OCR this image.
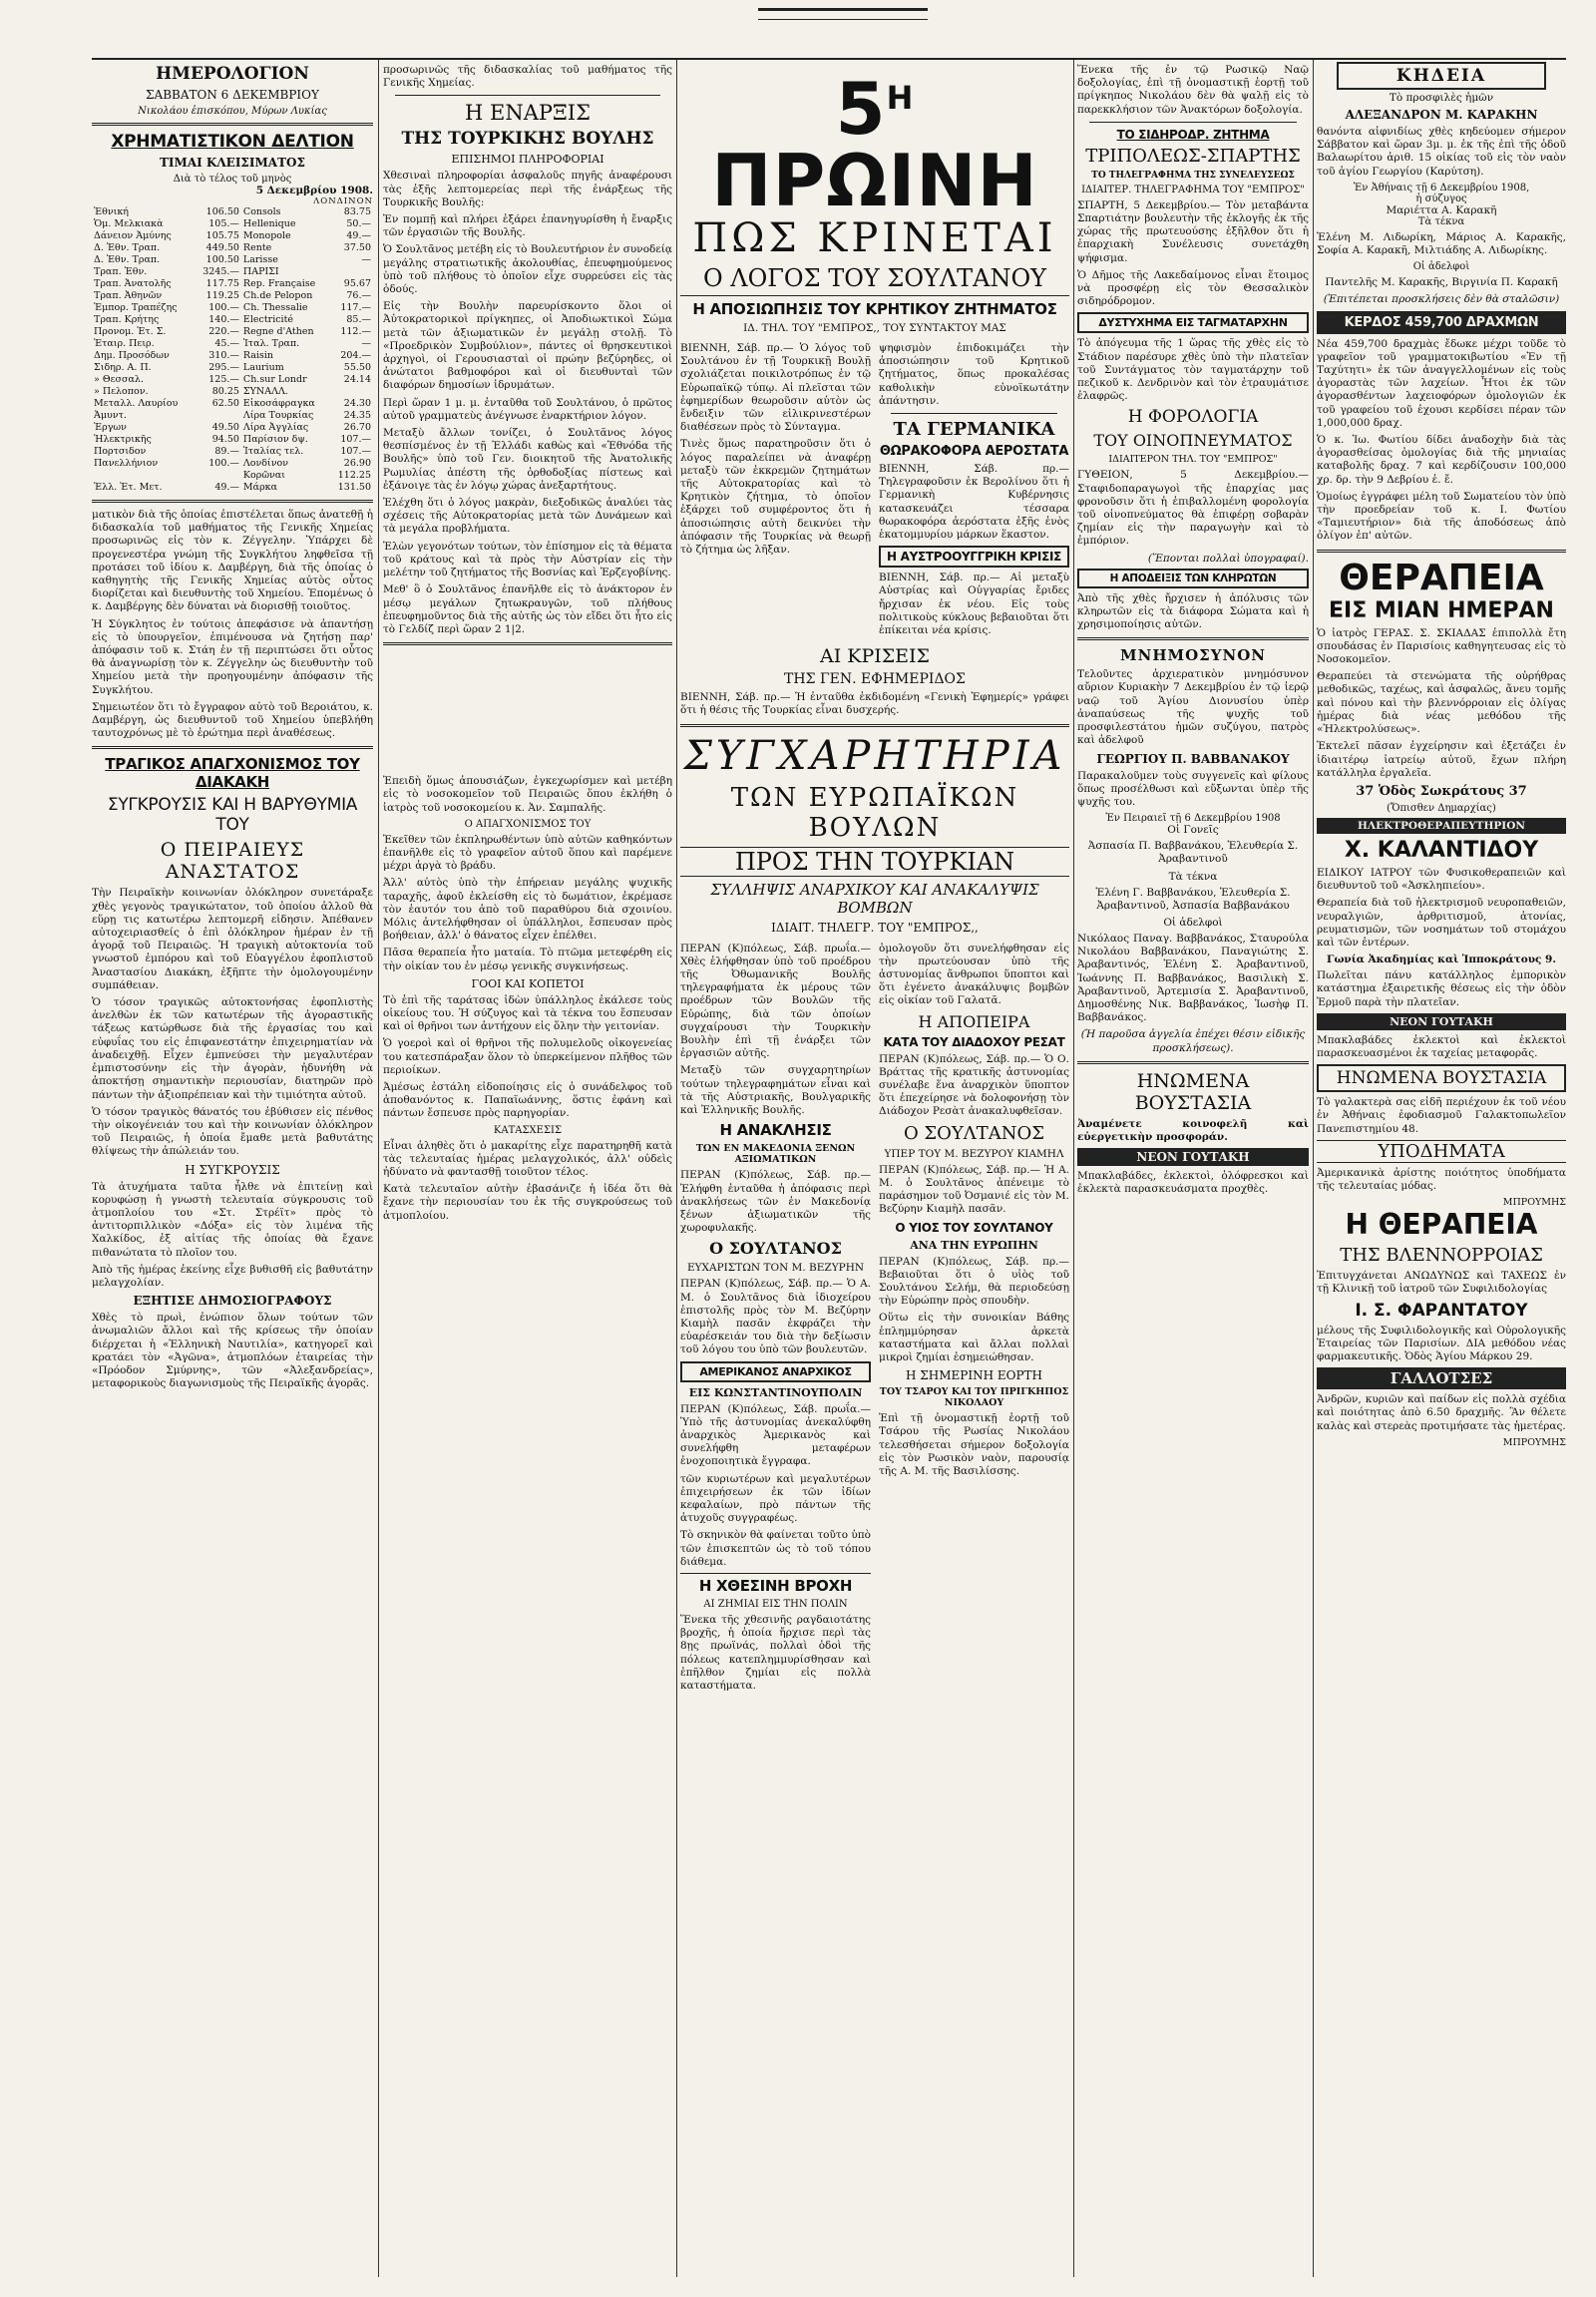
ΗΜΕΡΟΛΟΓΙΟΝ
ΣΑΒΒΑΤΟΝ 6 ΔΕΚΕΜΒΡΙΟΥ
Νικολάου ἐπισκόπου, Μύρων Λυκίας
ΧΡΗΜΑΤΙΣΤΙΚΟΝ ΔΕΛΤΙΟΝ
ΤΙΜΑΙ ΚΛΕΙΣΙΜΑΤΟΣ
Διὰ τὸ τέλος τοῦ μηνὸς
5 Δεκεμβρίου 1908.
ΛΟΝΔΙΝΟΝ
Ἐθνική	106.50	Consols	83.75
Ὁμ. Μελκιακὰ	105.—	Hellenique	50.—
Δάνειον Ἀμύνης	105.75	Monopole	49.—
Δ. Ἐθν. Τραπ.	449.50	Rente	37.50
Δ. Ἐθν. Τραπ.	100.50	Larisse	—
Τραπ. Ἐθν.	3245.—	ΠΑΡΙΣΙ	
Τραπ. Ἀνατολῆς	117.75	Rep. Française	95.67
Τραπ. Ἀθηνῶν	119.25	Ch.de Pelopon	76.—
Ἐμπορ. Τραπέζης	100.—	Ch. Thessalie	117.—
Τραπ. Κρήτης	140.—	Electricité	85.—
Προνομ. Ἐτ. Σ.	220.—	Regne d'Athen	112.—
Ἐταιρ. Πειρ.	45.—	Ἰταλ. Τραπ.	—
Δημ. Προσόδων	310.—	Raisin	204.—
Σιδηρ. Α. Π.	295.—	Laurium	55.50
» Θεσσαλ.	125.—	Ch.sur Londr	24.14
» Πελοπον.	80.25	ΣΥΝΑΛΛ.	
Μεταλλ. Λαυρίου	62.50	Εἰκοσάφραγκα	24.30
Ἀμυντ.		Λίρα Τουρκίας	24.35
Ἐργων	49.50	Λίρα Ἀγγλίας	26.70
Ἠλεκτρικῆς	94.50	Παρίσιον δψ.	107.—
Πορτσιδον	89.—	Ἰταλίας τελ.	107.—
Πανελλήνιον	100.—	Λονδίνον	26.90
		Κορῶναι	112.25
Ἐλλ. Ἐτ. Μετ.	49.—	Μάρκα	131.50

ματικὸν διὰ τῆς ὁποίας ἐπιστέλεται ὅπως ἀνατεθῇ ἡ διδασκαλία τοῦ μαθήματος τῆς Γενικῆς Χημείας προσωρινῶς εἰς τὸν κ. Ζέγγελην. Ὑπάρχει δὲ προγενεστέρα γνώμη τῆς Συγκλήτου ληφθεῖσα τῇ προτάσει τοῦ ἰδίου κ. Δαμβέργη, διὰ τῆς ὁποίας ὁ καθηγητὴς τῆς Γενικῆς Χημείας αὐτὸς οὗτος διορίζεται καὶ διευθυντὴς τοῦ Χημείου. Ἐπομένως ὁ κ. Δαμβέργης δὲν δύναται νὰ διορισθῇ τοιοῦτος.

Ἡ Σύγκλητος ἐν τούτοις ἀπεφάσισε νὰ ἀπαντήσῃ εἰς τὸ ὑπουργεῖον, ἐπιμένουσα νὰ ζητήσῃ παρ' ἀπόφασιν τοῦ κ. Στάη ἐν τῇ περιπτώσει ὅτι οὗτος θὰ ἀναγνωρίσῃ τὸν κ. Ζέγγελην ὡς διευθυντὴν τοῦ Χημείου μετὰ τὴν προηγουμένην ἀπόφασιν τῆς Συγκλήτου.

Σημειωτέον ὅτι τὸ ἔγγραφον αὐτὸ τοῦ Βεροιάτου, κ. Δαμβέργη, ὡς διευθυντοῦ τοῦ Χημείου ὑπεβλήθη ταυτοχρόνως μὲ τὸ ἐρώτημα περὶ ἀναθέσεως.

ΤΡΑΓΙΚΟΣ ΑΠΑΓΧΟΝΙΣΜΟΣ ΤΟΥ ΔΙΑΚΑΚΗ
ΣΥΓΚΡΟΥΣΙΣ ΚΑΙ Η ΒΑΡΥΘΥΜΙΑ ΤΟΥ
Ο ΠΕΙΡΑΙΕΥΣ ΑΝΑΣΤΑΤΟΣ

Τὴν Πειραϊκὴν κοινωνίαν ὁλόκληρον συνετάραξε χθὲς γεγονὸς τραγικώτατον, τοῦ ὁποίου ἀλλοῦ θὰ εὕρῃ τις κατωτέρω λεπτομερῆ εἰδησιν. Ἀπέθανεν αὐτοχειριασθείς ὁ ἐπὶ ὁλόκληρον ἡμέραν ἐν τῇ ἀγορᾷ τοῦ Πειραιῶς. Ἡ τραγικὴ αὐτοκτονία τοῦ γνωστοῦ ἐμπόρου καὶ τοῦ Εὐαγγέλου ἐφοπλιστοῦ Ἀναστασίου Διακάκη, ἐξῆπτε τὴν ὁμολογουμένην συμπάθειαν.

Ὁ τόσον τραγικῶς αὐτοκτονήσας ἐφοπλιστὴς ἀνελθὼν ἐκ τῶν κατωτέρων τῆς ἀγοραστικῆς τάξεως κατώρθωσε διὰ τῆς ἐργασίας του καὶ εὐφυΐας του εἰς ἐπιφανεστάτην ἐπιχειρηματίαν νὰ ἀναδειχθῇ. Εἶχεν ἐμπνεύσει τὴν μεγαλυτέραν ἐμπιστοσύνην εἰς τὴν ἀγορὰν, ἠδυνήθη νὰ ἀποκτήσῃ σημαντικὴν περιουσίαν, διατηρῶν πρὸ πάντων τὴν ἀξιοπρέπειαν καὶ τὴν τιμιότητα αὐτοῦ.

Ὁ τόσον τραγικὸς θάνατός του ἐβύθισεν εἰς πένθος τὴν οἰκογένειάν του καὶ τὴν κοινωνίαν ὁλόκληρον τοῦ Πειραιῶς, ἡ ὁποία ἔμαθε μετὰ βαθυτάτης θλίψεως τὴν ἀπώλειάν του.

Η ΣΥΓΚΡΟΥΣΙΣ

Τὰ ἀτυχήματα ταῦτα ἦλθε νὰ ἐπιτείνῃ καὶ κορυφώσῃ ἡ γνωστὴ τελευταία σύγκρουσις τοῦ ἀτμοπλοίου του «Στ. Στρέϊτ» πρὸς τὸ ἀντιτορπιλλικὸν «Δόξα» εἰς τὸν λιμένα τῆς Χαλκίδος, ἐξ αἰτίας τῆς ὁποίας θὰ ἔχανε πιθανώτατα τὸ πλοῖον του.

Ἀπὸ τῆς ἡμέρας ἐκείνης εἶχε βυθισθῆ εἰς βαθυτάτην μελαγχολίαν.

ΕΞΗΤΙΣΕ ΔΗΜΟΣΙΟΓΡΑΦΟΥΣ

Χθὲς τὸ πρωὶ, ἐνώπιον ὅλων τούτων τῶν ἀνωμαλιῶν ἄλλοι καὶ τῆς κρίσεως τῆν ὁποίαν διέρχεται ἡ «Ἑλληνικὴ Ναυτιλία», κατηγορεῖ καὶ κρατάει τὸν «Ἀγῶνα», ἀτμοπλόων ἐταιρείας τὴν «Πρόοδον Σμύρνης», τῶν «Ἀλεξανδρείας», μεταφορικοὺς διαγωνισμοὺς τῆς Πειραϊκῆς ἀγορᾶς.

προσωρινῶς τῆς διδασκαλίας τοῦ μαθήματος τῆς Γενικῆς Χημείας.

Η ΕΝΑΡΞΙΣ
ΤΗΣ ΤΟΥΡΚΙΚΗΣ ΒΟΥΛΗΣ
ΕΠΙΣΗΜΟΙ ΠΛΗΡΟΦΟΡΙΑΙ

Χθεσιναὶ πληροφορίαι ἀσφαλοῦς πηγῆς ἀναφέρουσι τὰς ἑξῆς λεπτομερείας περὶ τῆς ἐνάρξεως τῆς Τουρκικῆς Βουλῆς:

Ἐν πομπῇ καὶ πλήρει ἐξάρει ἐπανηγυρίσθη ἡ ἔναρξις τῶν ἐργασιῶν τῆς Βουλῆς.

Ὁ Σουλτᾶνος μετέβη εἰς τὸ Βουλευτήριον ἐν συνοδείᾳ μεγάλης στρατιωτικῆς ἀκολουθίας, ἐπευφημούμενος ὑπὸ τοῦ πλήθους τὸ ὁποῖον εἶχε συρρεύσει εἰς τὰς ὁδούς.

Εἰς τὴν Βουλὴν παρευρίσκοντο ὅλοι οἱ Ἀὐτοκρατορικοὶ πρίγκηπες, οἱ Ἀποδιωκτικοὶ Σώμα μετὰ τῶν ἀξιωματικῶν ἐν μεγάλῃ στολῇ. Τὸ «Προεδρικὸν Συμβούλιον», πάντες οἱ θρησκευτικοὶ ἀρχηγοὶ, οἱ Γερουσιασταὶ οἱ πρώην βεζύρηδες, οἱ ἀνώτατοι βαθμοφόροι καὶ οἱ διευθυνταὶ τῶν διαφόρων δημοσίων ἱδρυμάτων.

Περὶ ὥραν 1 μ. μ. ἐνταῦθα τοῦ Σουλτάνου, ὁ πρῶτος αὐτοῦ γραμματεὺς ἀνέγνωσε ἐναρκτήριον λόγον.

Μεταξὺ ἄλλων τονίζει, ὁ Σουλτᾶνος λόγος θεσπίσμένος ἐν τῇ Ἐλλάδι καθὼς καὶ «Ἐθνόδα τῆς Βουλῆς» ὑπὸ τοῦ Γεν. διοικητοῦ τῆς Ἀνατολικῆς Ρωμυλίας ἀπέστη τῆς ὀρθοδοξίας πίστεως καὶ ἐξάνοιγε τὰς ἐν λόγῳ χώρας ἀνεξαρτήτους.

Ἐλέχθη ὅτι ὁ λόγος μακρὰν, διεξοδικῶς ἀναλύει τὰς σχέσεις τῆς Αὐτοκρατορίας μετὰ τῶν Δυνάμεων καὶ τὰ μεγάλα προβλήματα.

Ἐλὼν γεγονότων τούτων, τὸν ἐπίσημον εἰς τὰ θέματα τοῦ κράτους καὶ τὰ πρὸς τὴν Αὐστρίαν εἰς τὴν μελέτην τοῦ ζητήματος τῆς Βοσνίας καὶ Ἐρζεγοβίνης.

Μεθ' ὃ ὁ Σουλτᾶνος ἐπανῆλθε εἰς τὸ ἀνάκτορον ἐν μέσῳ μεγάλων ζητωκραυγῶν, τοῦ πλήθους ἐπευφημοῦντος διὰ τῆς αὐτῆς ὡς τὸν εἴδει ὅτι ἦτο εἰς τὸ Γελδίζ περὶ ὥραν 2 1|2.

Ἐπειδὴ ὅμως ἀπουσιάζων, ἐγκεχωρίσμεν καὶ μετέβη εἰς τὸ νοσοκομεῖον τοῦ Πειραιῶς ὅπου ἐκλήθη ὁ ἰατρὸς τοῦ νοσοκομείου κ. Ἀν. Σαμπαλῆς.

Ο ΑΠΑΓΧΟΝΙΣΜΟΣ ΤΟΥ

Ἐκεῖθεν τῶν ἐκπληρωθέντων ὑπὸ αὐτῶν καθηκόντων ἐπανῆλθε εἰς τὸ γραφεῖον αὐτοῦ ὅπου καὶ παρέμενε μέχρι ἀργὰ τὸ βράδυ.

Ἀλλ' αὐτὸς ὑπὸ τὴν ἐπήρειαν μεγάλης ψυχικῆς ταραχῆς, ἀφοῦ ἐκλείσθη εἰς τὸ δωμάτιον, ἐκρέμασε τὸν ἑαυτόν του ἀπὸ τοῦ παραθύρου διὰ σχοινίου. Μόλις ἀντελήφθησαν οἱ ὑπάλληλοι, ἔσπευσαν πρὸς βοήθειαν, ἀλλ' ὁ θάνατος εἶχεν ἐπέλθει.

Πᾶσα θεραπεία ἦτο ματαία. Τὸ πτῶμα μετεφέρθη εἰς τὴν οἰκίαν του ἐν μέσῳ γενικῆς συγκινήσεως.

ΓΟΟΙ ΚΑΙ ΚΟΠΕΤΟΙ

Τὸ ἐπὶ τῆς ταράτσας ἰδὼν ὑπάλληλος ἐκάλεσε τοὺς οἰκείους του. Ἡ σύζυγος καὶ τὰ τέκνα του ἔσπευσαν καὶ οἱ θρῆνοι των ἀντήχουν εἰς ὅλην τὴν γειτονίαν.

Ὁ γοεροὶ καὶ οἱ θρῆνοι τῆς πολυμελοῦς οἰκογενείας του κατεσπάραξαν ὅλον τὸ ὑπερκείμενον πλῆθος τῶν περιοίκων.

Ἀμέσως ἐστάλη εἰδοποίησις εἰς ὁ συνάδελφος τοῦ ἀποθανόντος κ. Παπαϊωάννης, ὅστις ἐφάνη καὶ πάντων ἔσπευσε πρὸς παρηγορίαν.

ΚΑΤΑΣΧΕΣΙΣ

Εἶναι ἀληθὲς ὅτι ὁ μακαρίτης εἶχε παρατηρηθῆ κατὰ τὰς τελευταίας ἡμέρας μελαγχολικός, ἀλλ' οὐδεὶς ἠδύνατο νὰ φαντασθῇ τοιοῦτον τέλος.

Κατὰ τελευταῖον αὐτὴν ἐβασάνιζε ἡ ἰδέα ὅτι θὰ ἔχανε τὴν περιουσίαν του ἐκ τῆς συγκρούσεως τοῦ ἀτμοπλοίου.

$5^H$ ΠΡΩΙΝΗ
ΠΩΣ ΚΡΙΝΕΤΑΙ
Ο ΛΟΓΟΣ ΤΟΥ ΣΟΥΛΤΑΝΟΥ
Η ΑΠΟΣΙΩΠΗΣΙΣ ΤΟΥ ΚΡΗΤΙΚΟΥ ΖΗΤΗΜΑΤΟΣ
ΙΔ. ΤΗΛ. ΤΟΥ "ΕΜΠΡΟΣ,, ΤΟΥ ΣΥΝΤΑΚΤΟΥ ΜΑΣ

ΒΙΕΝΝΗ, Σάβ. πρ.— Ὁ λόγος τοῦ Σουλτάνου ἐν τῇ Τουρκικῇ Βουλῇ σχολιάζεται ποικιλοτρόπως ἐν τῷ Εὐρωπαϊκῷ τύπῳ. Αἱ πλεῖσται τῶν ἐφημερίδων θεωροῦσιν αὐτὸν ὡς ἔνδειξιν τῶν εἰλικρινεστέρων διαθέσεων πρὸς τὸ Σύνταγμα.

Τινὲς ὅμως παρατηροῦσιν ὅτι ὁ λόγος παραλείπει νὰ ἀναφέρῃ μεταξὺ τῶν ἐκκρεμῶν ζητημάτων τῆς Αὐτοκρατορίας καὶ τὸ Κρητικὸν ζήτημα, τὸ ὁποῖον ἐξάρχει τοῦ συμφέροντος ὅτι ἡ ἀποσιώπησις αὐτὴ δεικνύει τὴν ἀπόφασιν τῆς Τουρκίας νὰ θεωρῇ τὸ ζήτημα ὡς λῆξαν.

ψηφισμὸν ἐπιδοκιμάζει τὴν ἀποσιώπησιν τοῦ Κρητικοῦ ζητήματος, ὅπως προκαλέσας καθολικὴν εὐνοϊκωτάτην ἀπάντησιν.

ΤΑ ΓΕΡΜΑΝΙΚΑ
ΘΩΡΑΚΟΦΟΡΑ ΑΕΡΟΣΤΑΤΑ

ΒΙΕΝΝΗ, Σάβ. πρ.— Τηλεγραφοῦσιν ἐκ Βερολίνου ὅτι ἡ Γερμανικὴ Κυβέρνησις κατασκευάζει τέσσαρα θωρακοφόρα ἀερόστατα ἑξῆς ἑνὸς ἑκατομμυρίου μάρκων ἕκαστον.

Η ΑΥΣΤΡΟΟΥΓΓΡΙΚΗ ΚΡΙΣΙΣ

ΒΙΕΝΝΗ, Σάβ. πρ.— Αἱ μεταξὺ Αὐστρίας καὶ Οὐγγαρίας ἔριδες ἤρχισαν ἐκ νέου. Εἰς τοὺς πολιτικοὺς κύκλους βεβαιοῦται ὅτι ἐπίκειται νέα κρίσις.

ΑΙ ΚΡΙΣΕΙΣ
ΤΗΣ ΓΕΝ. ΕΦΗΜΕΡΙΔΟΣ

ΒΙΕΝΝΗ, Σάβ. πρ.— Ἡ ἐνταῦθα ἐκδιδομένη «Γενικὴ Ἐφημερίς» γράφει ὅτι ἡ θέσις τῆς Τουρκίας εἶναι δυσχερής.

ΣΥΓΧΑΡΗΤΗΡΙΑ
ΤΩΝ ΕΥΡΩΠΑΪΚΩΝ ΒΟΥΛΩΝ
ΠΡΟΣ ΤΗΝ ΤΟΥΡΚΙΑΝ
ΣΥΛΛΗΨΙΣ ΑΝΑΡΧΙΚΟΥ ΚΑΙ ΑΝΑΚΑΛΥΨΙΣ ΒΟΜΒΩΝ
ΙΔΙΑΙΤ. ΤΗΛΕΓΡ. ΤΟΥ "ΕΜΠΡΟΣ,,

ΠΕΡΑΝ (Κ)πόλεως, Σάβ. πρωΐα.— Χθὲς ἐλήφθησαν ὑπὸ τοῦ προέδρου τῆς Ὀθωμανικῆς Βουλῆς τηλεγραφήματα ἐκ μέρους τῶν προέδρων τῶν Βουλῶν τῆς Εὐρώπης, διὰ τῶν ὁποίων συγχαίρουσι τὴν Τουρκικὴν Βουλὴν ἐπὶ τῇ ἐνάρξει τῶν ἐργασιῶν αὐτῆς.

Μεταξὺ τῶν συγχαρητηρίων τούτων τηλεγραφημάτων εἶναι καὶ τὰ τῆς Αὐστριακῆς, Βουλγαρικῆς καὶ Ἑλληνικῆς Βουλῆς.

Η ΑΝΑΚΛΗΣΙΣ
ΤΩΝ ΕΝ ΜΑΚΕΔΟΝΙΑ ΞΕΝΩΝ ΑΞΙΩΜΑΤΙΚΩΝ

ΠΕΡΑΝ (Κ)πόλεως, Σάβ. πρ.— Ἐλήφθη ἐνταῦθα ἡ ἀπόφασις περὶ ἀνακλήσεως τῶν ἐν Μακεδονίᾳ ξένων ἀξιωματικῶν τῆς χωροφυλακῆς.

Ο ΣΟΥΛΤΑΝΟΣ
ΕΥΧΑΡΙΣΤΩΝ ΤΟΝ Μ. ΒΕΖΥΡΗΝ

ΠΕΡΑΝ (Κ)πόλεως, Σάβ. πρ.— Ὁ Α. Μ. ὁ Σουλτᾶνος διὰ ἰδιοχείρου ἐπιστολῆς πρὸς τὸν Μ. Βεζύρην Κιαμὴλ πασᾶν ἐκφράζει τὴν εὐαρέσκειάν του διὰ τὴν δεξίωσιν τοῦ λόγου του ὑπὸ τῶν βουλευτῶν.

ΑΜΕΡΙΚΑΝΟΣ ΑΝΑΡΧΙΚΟΣ
ΕΙΣ ΚΩΝΣΤΑΝΤΙΝΟΥΠΟΛΙΝ

ΠΕΡΑΝ (Κ)πόλεως, Σάβ. πρωΐα.— Ὑπὸ τῆς ἀστυνομίας ἀνεκαλύφθη ἀναρχικὸς Ἀμερικανὸς καὶ συνελήφθη μεταφέρων ἐνοχοποιητικὰ ἔγγραφα.

τῶν κυριωτέρων καὶ μεγαλυτέρων ἐπιχειρήσεων ἐκ τῶν ἰδίων κεφαλαίων, πρὸ πάντων τῆς ἀτυχοῦς συγγραφέως.

Τὸ σκηνικὸν θὰ φαίνεται τοῦτο ὑπὸ τῶν ἐπισκεπτῶν ὡς τὸ τοῦ τόπου διάθεμα.

Η ΧΘΕΣΙΝΗ ΒΡΟΧΗ
ΑΙ ΖΗΜΙΑΙ ΕΙΣ ΤΗΝ ΠΟΛΙΝ

Ἕνεκα τῆς χθεσινῆς ραγδαιοτάτης βροχῆς, ἡ ὁποία ἤρχισε περὶ τὰς 8ῃς πρωϊνάς, πολλαὶ ὁδοὶ τῆς πόλεως κατεπλημμυρίσθησαν καὶ ἐπῆλθον ζημίαι εἰς πολλὰ καταστήματα.

ὁμολογοῦν ὅτι συνελήφθησαν εἰς τὴν πρωτεύουσαν ὑπὸ τῆς ἀστυνομίας ἄνθρωποι ὕποπτοι καὶ ὅτι ἐγένετο ἀνακάλυψις βομβῶν εἰς οἰκίαν τοῦ Γαλατᾶ.

Η ΑΠΟΠΕΙΡΑ
ΚΑΤΑ ΤΟΥ ΔΙΑΔΟΧΟΥ ΡΕΣΑΤ

ΠΕΡΑΝ (Κ)πόλεως, Σάβ. πρ.— Ὁ Ο. Βράττας τῆς κρατικῆς ἀστυνομίας συνέλαβε ἕνα ἀναρχικὸν ὕποπτον ὅτι ἐπεχείρησε νὰ δολοφονήσῃ τὸν Διάδοχον Ρεσὰτ ἀνακαλυφθεῖσαν.

Ο ΣΟΥΛΤΑΝΟΣ
ΥΠΕΡ ΤΟΥ Μ. ΒΕΖΥΡΟΥ ΚΙΑΜΗΛ

ΠΕΡΑΝ (Κ)πόλεως, Σάβ. πρ.— Ἡ Α. Μ. ὁ Σουλτᾶνος ἀπένειμε τὸ παράσημον τοῦ Ὀσμανιέ εἰς τὸν Μ. Βεζύρην Κιαμὴλ πασᾶν.

Ο ΥΙΟΣ ΤΟΥ ΣΟΥΛΤΑΝΟΥ
ΑΝΑ ΤΗΝ ΕΥΡΩΠΗΝ

ΠΕΡΑΝ (Κ)πόλεως, Σάβ. πρ.— Βεβαιοῦται ὅτι ὁ υἱὸς τοῦ Σουλτάνου Σελήμ, θὰ περιοδεύσῃ τὴν Εὐρώπην πρὸς σπουδὴν.

Οὕτω εἰς τὴν συνοικίαν Βάθης ἐπλημμύρησαν ἀρκετὰ καταστήματα καὶ ἄλλαι πολλαὶ μικροὶ ζημίαι ἐσημειώθησαν.

Η ΣΗΜΕΡΙΝΗ ΕΟΡΤΗ
ΤΟΥ ΤΣΑΡΟΥ ΚΑΙ ΤΟΥ ΠΡΙΓΚΗΠΟΣ ΝΙΚΟΛΑΟΥ

Ἐπὶ τῇ ὀνομαστικῇ ἑορτῇ τοῦ Τσάρου τῆς Ρωσίας Νικολάου τελεσθήσεται σήμερον δοξολογία εἰς τὸν Ρωσικὸν ναὸν, παρουσίᾳ τῆς Α. Μ. τῆς Βασιλίσσης.

Ἕνεκα τῆς ἐν τῷ Ρωσικῷ Ναῷ δοξολογίας, ἐπὶ τῇ ὀνομαστικῇ ἑορτῇ τοῦ πρίγκηπος Νικολάου δὲν θὰ ψαλῇ εἰς τὸ παρεκκλήσιον τῶν Ἀνακτόρων δοξολογία.

ΤΟ ΣΙΔΗΡΟΔΡ. ΖΗΤΗΜΑ
ΤΡΙΠΟΛΕΩΣ-ΣΠΑΡΤΗΣ
ΤΟ ΤΗΛΕΓΡΑΦΗΜΑ ΤΗΣ ΣΥΝΕΛΕΥΣΕΩΣ
ΙΔΙΑΙΤΕΡ. ΤΗΛΕΓΡΑΦΗΜΑ ΤΟΥ "ΕΜΠΡΟΣ"

ΣΠΑΡΤΗ, 5 Δεκεμβρίου.— Τὸν μεταβάντα Σπαρτιάτην βουλευτὴν τῆς ἐκλογῆς ἐκ τῆς χώρας τῆς πρωτευούσης ἐξῆλθον ὅτι ἡ ἐπαρχιακὴ Συνέλευσις συνετάχθη ψήφισμα.

Ὁ Δῆμος τῆς Λακεδαίμονος εἶναι ἕτοιμος νὰ προσφέρῃ εἰς τὸν Θεσσαλικὸν σιδηρόδρομον.

ΔΥΣΤΥΧΗΜΑ ΕΙΣ ΤΑΓΜΑΤΑΡΧΗΝ

Τὸ ἀπόγευμα τῆς 1 ὥρας τῆς χθὲς εἰς τὸ Στάδιον παρέσυρε χθὲς ὑπὸ τὴν πλατεῖαν τοῦ Συντάγματος τὸν ταγματάρχην τοῦ πεζικοῦ κ. Δενδρινὸν καὶ τὸν ἐτραυμάτισε ἐλαφρῶς.

Η ΦΟΡΟΛΟΓΙΑ
ΤΟΥ ΟΙΝΟΠΝΕΥΜΑΤΟΣ
ΙΔΙΑΙΤΕΡΟΝ ΤΗΛ. ΤΟΥ "ΕΜΠΡΟΣ"

ΓΥΘΕΙΟΝ, 5 Δεκεμβρίου.— Σταφιδοπαραγωγοὶ τῆς ἐπαρχίας μας φρονοῦσιν ὅτι ἡ ἐπιβαλλομένη φορολογία τοῦ οἰνοπνεύματος θὰ ἐπιφέρῃ σοβαρὰν ζημίαν εἰς τὴν παραγωγὴν καὶ τὸ ἐμπόριον.

(Ἕπονται πολλαὶ ὑπογραφαί).
Η ΑΠΟΔΕΙΞΙΣ ΤΩΝ ΚΛΗΡΩΤΩΝ

Ἀπὸ τῆς χθὲς ἤρχισεν ἡ ἀπόλυσις τῶν κληρωτῶν εἰς τὰ διάφορα Σώματα καὶ ἡ χρησιμοποίησις αὐτῶν.

ΜΝΗΜΟΣΥΝΟΝ

Τελοῦντες ἀρχιερατικὸν μνημόσυνον αὔριον Κυριακὴν 7 Δεκεμβρίου ἐν τῷ ἱερῷ ναῷ τοῦ Ἁγίου Διονυσίου ὑπὲρ ἀναπαύσεως τῆς ψυχῆς τοῦ προσφιλεστάτου ἡμῶν συζύγου, πατρὸς καὶ ἀδελφοῦ

ΓΕΩΡΓΙΟΥ Π. ΒΑΒΒΑΝΑΚΟΥ

Παρακαλοῦμεν τοὺς συγγενεῖς καὶ φίλους ὅπως προσέλθωσι καὶ εὔξωνται ὑπὲρ τῆς ψυχῆς του.

Ἐν Πειραιεῖ τῇ 6 Δεκεμβρίου 1908
Οἱ Γονεῖς

Ἀσπασία Π. Βαββανάκου, Ἐλευθερία Σ. Ἀραβαντινοῦ

Τὰ τέκνα

Ἑλένη Γ. Βαββανάκου, Ἐλευθερία Σ. Ἀραβαντινοῦ, Ἀσπασία Βαββανάκου

Οἱ ἀδελφοὶ

Νικόλαος Παναγ. Βαββανάκος, Σταυρούλα Νικολάου Βαββανάκου, Παναγιώτης Σ. Ἀραβαντινός, Ἑλένη Σ. Ἀραβαντινοῦ, Ἰωάννης Π. Βαββανάκος, Βασιλικὴ Σ. Ἀραβαντινοῦ, Ἀρτεμισία Σ. Ἀραβαντινοῦ, Δημοσθένης Νικ. Βαββανάκος, Ἰωσὴφ Π. Βαββανάκος.

(Ἡ παροῦσα ἀγγελία ἐπέχει θέσιν εἰδικῆς προσκλήσεως).

ΗΝΩΜΕΝΑ ΒΟΥΣΤΑΣΙΑ

Ἀναμένετε κοινοφελῆ καὶ εὐεργετικὴν προσφοράν.

ΝΕΟΝ ΓΟΥΤΑΚΗ

Μπακλαβάδες, ἐκλεκτοὶ, ὁλόφρεσκοι καὶ ἐκλεκτὰ παρασκευάσματα προχθὲς.

ΚΗΔΕΙΑ
Τὸ προσφιλὲς ἡμῶν
ΑΛΕΞΑΝΔΡΟΝ Μ. ΚΑΡΑΚΗΝ

θανόντα αἰφνιδίως χθὲς κηδεύομεν σήμερον Σάββατον καὶ ὥραν 3μ. μ. ἐκ τῆς ἐπὶ τῆς ὁδοῦ Βαλαωρίτου ἀριθ. 15 οἰκίας τοῦ εἰς τὸν ναὸν τοῦ ἁγίου Γεωργίου (Καρύτση).

Ἐν Ἀθήναις τῇ 6 Δεκεμβρίου 1908,
ἡ σύζυγος
Μαριέττα Α. Καρακῆ
Τὰ τέκνα

Ἑλένη Μ. Λιδωρίκη, Μάριος Α. Καρακῆς, Σοφία Α. Καρακῆ, Μιλτιάδης Α. Λιδωρίκης.

Οἱ ἀδελφοὶ

Παντελῆς Μ. Καρακῆς, Βιργινία Π. Καρακῆ

(Ἐπιτέπεται προσκλήσεις δὲν θὰ σταλῶσιν)

ΚΕΡΔΟΣ 459,700 ΔΡΑΧΜΩΝ

Νέα 459,700 δραχμὰς ἔδωκε μέχρι τοῦδε τὸ γραφεῖον τοῦ γραμματοκιβωτίου «Ἐν τῇ Ταχύτητι» ἐκ τῶν ἀναγγελλομένων εἰς τοὺς ἀγοραστὰς τῶν λαχείων. Ἦτοι ἐκ τῶν ἀγορασθέντων λαχειοφόρων ὁμολογιῶν ἐκ τοῦ γραφείου τοῦ ἐχουσι κερδίσει πέραν τῶν 1,000,000 δραχ.

Ὁ κ. Ἰω. Φωτίου δίδει ἀναδοχὴν διὰ τὰς ἀγορασθείσας ὁμολογίας διὰ τῆς μηνιαίας καταβολῆς δραχ. 7 καὶ κερδίζουσιν 100,000 χρ. δρ. τὴν 9 Δεβρίου ἐ. ἔ.

Ὁμοίως ἐγγράφει μέλη τοῦ Σωματείου τὸν ὑπὸ τὴν προεδρείαν τοῦ κ. Ι. Φωτίου «Ταμιευτήριον» διὰ τῆς ἀποδόσεως ἀπὸ ὀλίγον ἐπ' αὐτῶν.

ΘΕΡΑΠΕΙΑ
ΕΙΣ ΜΙΑΝ ΗΜΕΡΑΝ

Ὁ ἰατρὸς ΓΕΡΑΣ. Σ. ΣΚΙΑΔΑΣ ἐπιπολλὰ ἔτη σπουδάσας ἐν Παρισίοις καθηγητευσας εἰς τὸ Νοσοκομεῖον.

Θεραπεύει τὰ στενώματα τῆς οὐρήθρας μεθοδικῶς, ταχέως, καὶ ἀσφαλῶς, ἄνευ τομῆς καὶ πόνου καὶ τὴν βλεννόρροιαν εἰς ὀλίγας ἡμέρας διὰ νέας μεθόδου τῆς «Ἠλεκτρολύσεως».

Ἐκτελεῖ πᾶσαν ἐγχείρησιν καὶ ἐξετάζει ἐν ἰδιαιτέρῳ ἰατρείῳ αὐτοῦ, ἔχων πλήρη κατάλληλα ἐργαλεῖα.

37 Ὁδὸς Σωκράτους 37
(Ὄπισθεν Δημαρχίας)
ΗΛΕΚΤΡΟΘΕΡΑΠΕΥΤΗΡΙΟΝ
Χ. ΚΑΛΑΝΤΙΔΟΥ

ΕΙΔΙΚΟΥ ΙΑΤΡΟΥ τῶν Φυσικοθεραπειῶν καὶ διευθυντοῦ τοῦ «Ἀσκληπιείου».

Θεραπεία διὰ τοῦ ἠλεκτρισμοῦ νευροπαθειῶν, νευραλγιῶν, ἀρθριτισμοῦ, ἀτονίας, ρευματισμῶν, τῶν νοσημάτων τοῦ στομάχου καὶ τῶν ἐντέρων.

Γωνία Ἀκαδημίας καὶ Ἱπποκράτους 9.

Πωλεῖται πάνυ κατάλληλος ἐμπορικὸν κατάστημα ἐξαιρετικῆς θέσεως εἰς τὴν ὁδὸν Ἑρμοῦ παρὰ τὴν πλατεῖαν.

ΝΕΟΝ ΓΟΥΤΑΚΗ

Μπακλαβάδες ἐκλεκτοὶ καὶ ἐκλεκτοὶ παρασκευασμένοι ἐκ ταχείας μεταφορᾶς.

ΗΝΩΜΕΝΑ ΒΟΥΣΤΑΣΙΑ

Τὸ γαλακτερὰ σας εἰδῆ περιέχουν ἐκ τοῦ νέου ἐν Ἀθήναις ἐφοδιασμοῦ Γαλακτοπωλεῖον Πανεπιστημίου 48.

ΥΠΟΔΗΜΑΤΑ

Ἀμερικανικὰ ἀρίστης ποιότητος ὑποδήματα τῆς τελευταίας μόδας.

ΜΠΡΟΥΜΗΣ
Η ΘΕΡΑΠΕΙΑ
ΤΗΣ ΒΛΕΝΝΟΡΡΟΙΑΣ

Ἐπιτυγχάνεται ΑΝΩΔΥΝΩΣ καὶ ΤΑΧΕΩΣ ἐν τῇ Κλινικῇ τοῦ ἰατροῦ τῶν Συφιλιδολογίας

Ι. Σ. ΦΑΡΑΝΤΑΤΟΥ

μέλους τῆς Συφιλιδολογικῆς καὶ Οὐρολογικῆς Ἑταιρείας τῶν Παρισίων. ΔΙΑ μεθόδου νέας φαρμακευτικῆς. Ὁδὸς Ἁγίου Μάρκου 29.

ΓΑΛΛΟΤΣΕΣ

Ἀνδρῶν, κυριῶν καὶ παίδων εἰς πολλὰ σχέδια καὶ ποιότητας ἀπὸ 6.50 δραχμῆς. Ἂν θέλετε καλὰς καὶ στερεὰς προτιμήσατε τὰς ἡμετέρας.

ΜΠΡΟΥΜΗΣ
